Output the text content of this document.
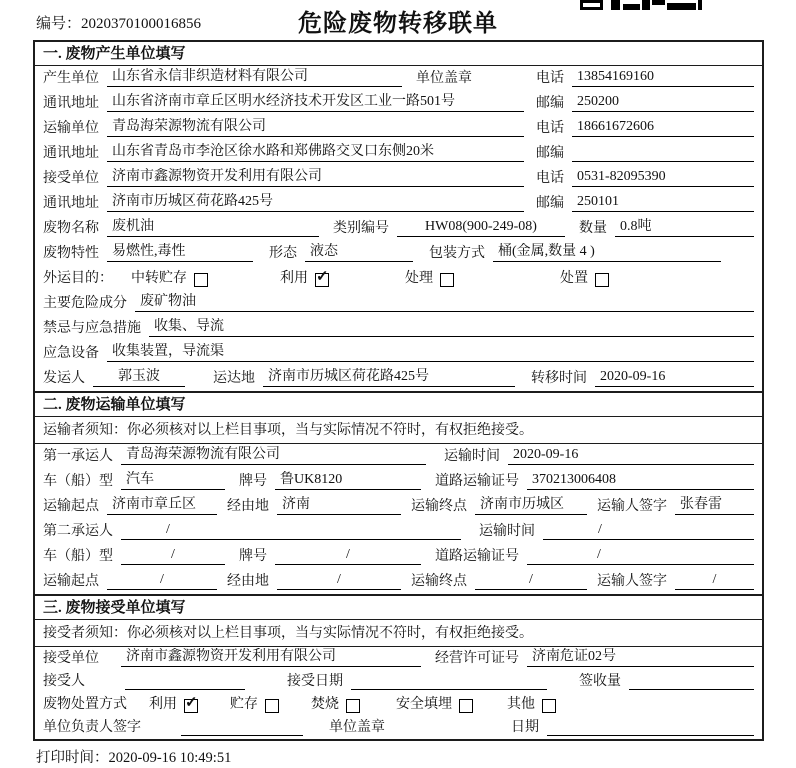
编号：2020370100016856	危险废物转移联单
一. 废物产生单位填写
产生单位 山东省永信非织造材料有限公司	单位盖章	电话 13854169160
通讯地址 山东省济南市章丘区明水经济技术开发区工业一路501号	邮编 250200
运输单位 青岛海荣源物流有限公司	电话 18661672606
通讯地址 山东省青岛市李沧区徐水路和郑佛路交叉口东侧20米	邮编
接受单位 济南市鑫源物资开发利用有限公司	电话 0531-82095390
通讯地址 济南市历城区荷花路425号	邮编 250101
废物名称 废机油	类别编号	HW08(900-249-08)	数量 0.8吨
废物特性 易燃性,毒性	形态 液态	包装方式 桶(金属,数量 4 )
外运目的： 中转贮存	利用 ✓	处理	处置
主要危险成分 废矿物油
禁忌与应急措施 收集、导流
应急设备 收集装置，导流渠
发运人	郭玉波	运达地 济南市历城区荷花路425号	转移时间 2020-09-16
二. 废物运输单位填写
运输者须知：你必须核对以上栏目事项，当与实际情况不符时，有权拒绝接受。
第一承运人 青岛海荣源物流有限公司	运输时间 2020-09-16
车（船）型 汽车	牌号 鲁UK8120	道路运输证号 370213006408
运输起点 济南市章丘区	经由地 济南	运输终点 济南市历城区	运输人签字 张春雷
第二承运人	/	运输时间	/
车（船）型	/	牌号	/	道路运输证号	/
运输起点	/	经由地	/	运输终点	/	运输人签字	/
三. 废物接受单位填写
接受者须知：你必须核对以上栏目事项，当与实际情况不符时，有权拒绝接受。
接受单位	济南市鑫源物资开发利用有限公司	经营许可证号 济南危证02号
接受人	接受日期	签收量
废物处置方式 利用 ✓	贮存	焚烧	安全填埋	其他
单位负责人签字	单位盖章	日期
打印时间：2020-09-16 10:49:51
